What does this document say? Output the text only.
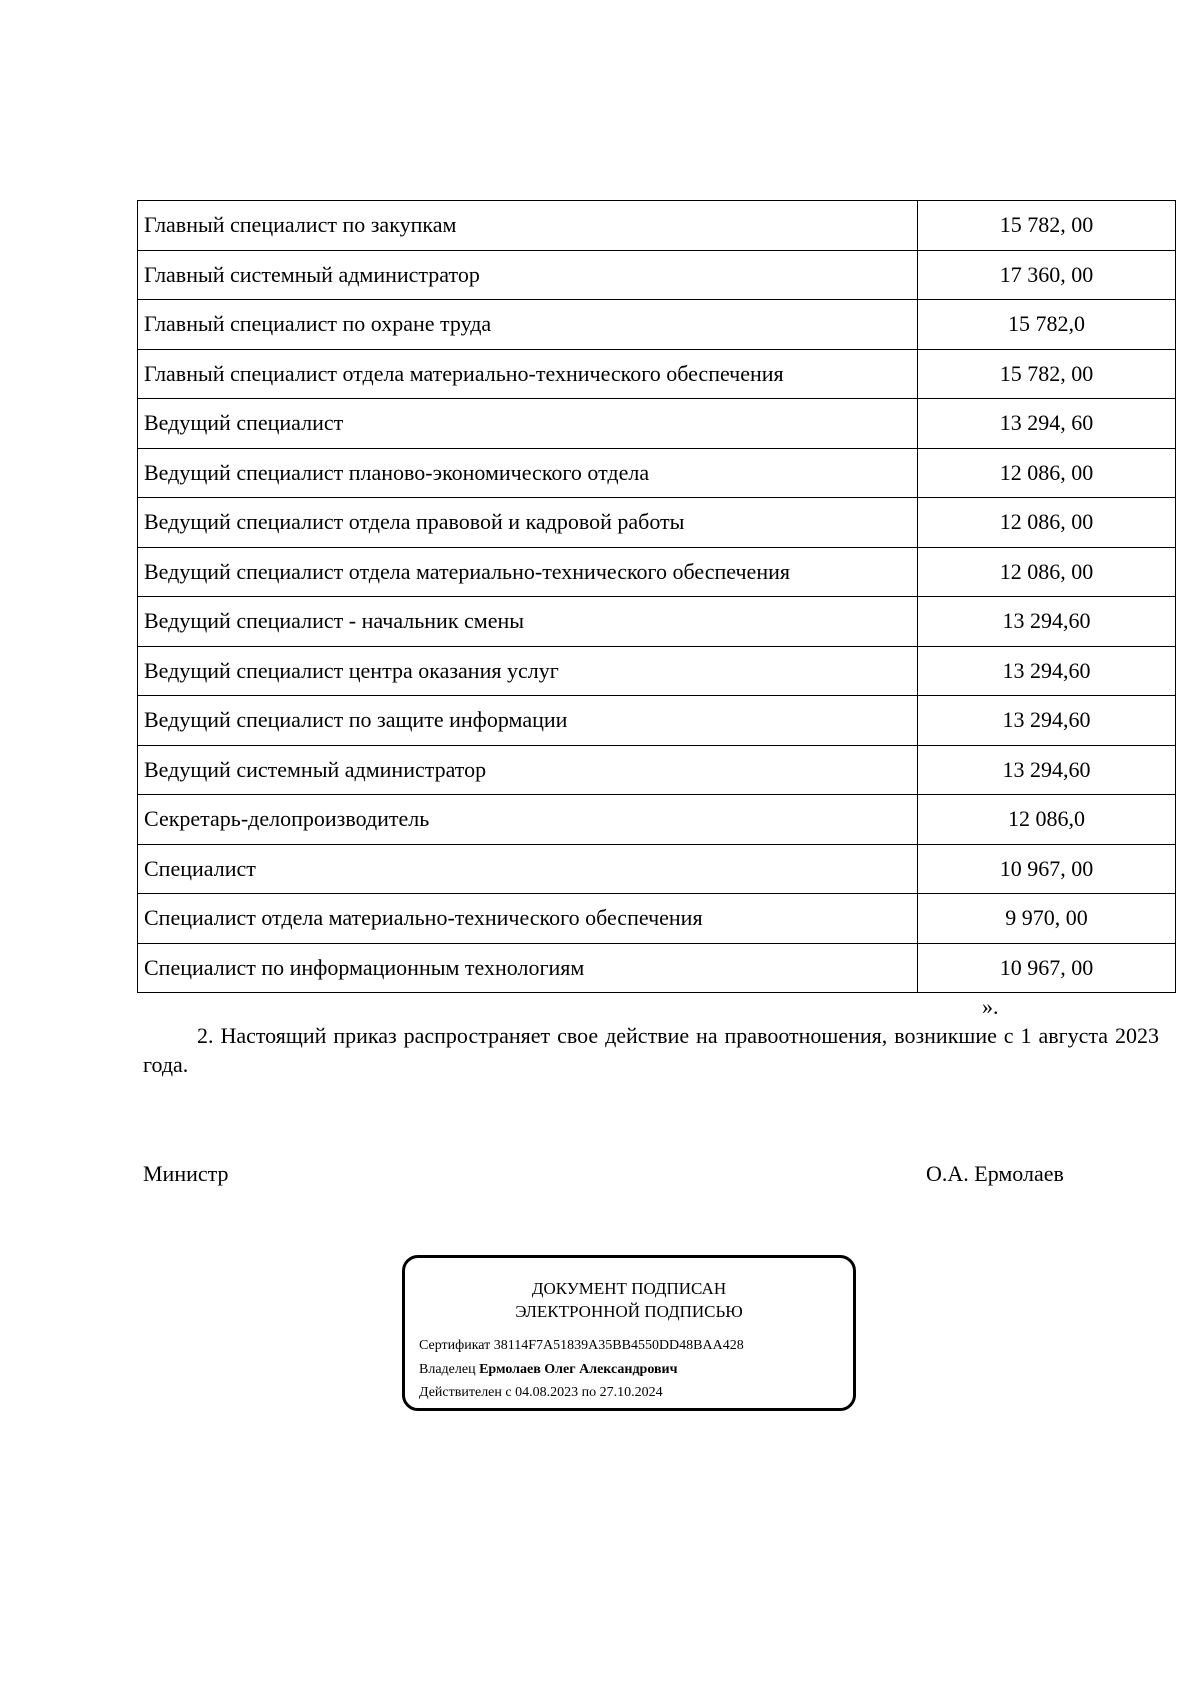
Главный специалист по закупкам	15 782, 00
Главный системный администратор	17 360, 00
Главный специалист по охране труда	15 782,0
Главный специалист отдела материально-технического обеспечения	15 782, 00
Ведущий специалист	13 294, 60
Ведущий специалист планово-экономического отдела	12 086, 00
Ведущий специалист отдела правовой и кадровой работы	12 086, 00
Ведущий специалист отдела материально-технического обеспечения	12 086, 00
Ведущий специалист - начальник смены	13 294,60
Ведущий специалист центра оказания услуг	13 294,60
Ведущий специалист по защите информации	13 294,60
Ведущий системный администратор	13 294,60
Секретарь-делопроизводитель	12 086,0
Специалист	10 967, 00
Специалист отдела материально-технического обеспечения	9 970, 00
Специалист по информационным технологиям	10 967, 00
».

2. Настоящий приказ распространяет свое действие на правоотношения, возникшие с 1 августа 2023 года.

Министр	О.А. Ермолаев
ДОКУМЕНТ ПОДПИСАН
ЭЛЕКТРОННОЙ ПОДПИСЬЮ
Сертификат 38114F7A51839A35BB4550DD48BAA428
Владелец Ермолаев Олег Александрович
Действителен с 04.08.2023 по 27.10.2024
